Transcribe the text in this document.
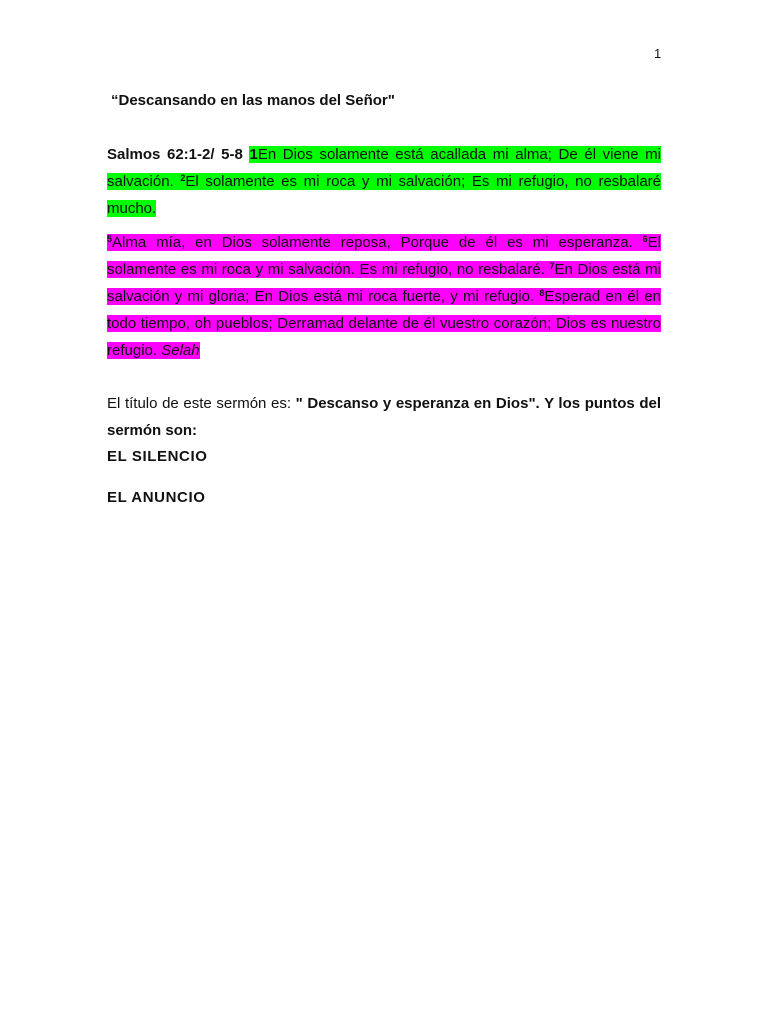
1

“Descansando en las manos del Señor"

Salmos 62:1-2/ 5-8 1En Dios solamente está acallada mi alma; De él viene mi salvación. $^2$El solamente es mi roca y mi salvación; Es mi refugio, no resbalaré mucho.

$^5$Alma mía, en Dios solamente reposa, Porque de él es mi esperanza. $^6$El solamente es mi roca y mi salvación. Es mi refugio, no resbalaré. $^7$En Dios está mi salvación y mi gloria; En Dios está mi roca fuerte, y mi refugio. $^8$Esperad en él en todo tiempo, oh pueblos; Derramad delante de él vuestro corazón; Dios es nuestro refugio. Selah

El título de este sermón es: " Descanso y esperanza en Dios". Y los puntos del sermón son:

EL SILENCIO

EL ANUNCIO
